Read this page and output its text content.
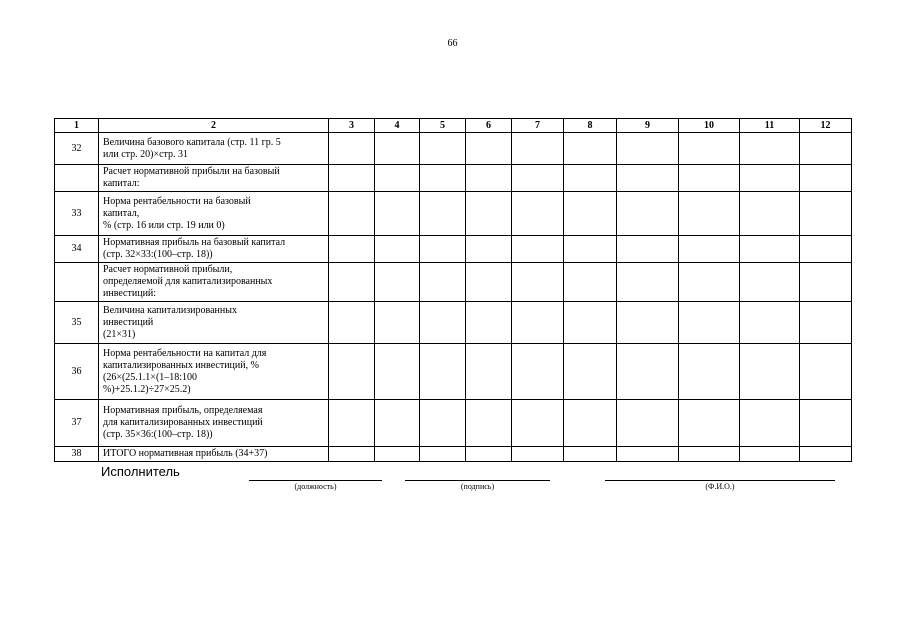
66
1	2	3	4	5	6	7	8	9	10	11	12
32	Величина базового капитала (стр. 11 гр. 5
или стр. 20)×стр. 31										

	Расчет нормативной прибыли на базовый
капитал:										

33	Норма рентабельности на базовый
капитал,
% (стр. 16 или стр. 19 или 0)										

34	Нормативная прибыль на базовый капитал
(стр. 32×33:(100–стр. 18))										

	Расчет нормативной прибыли,
определяемой для капитализированных
инвестиций:										

35	Величина капитализированных
инвестиций
(21×31)										

36	Норма рентабельности на капитал для
капитализированных инвестиций, %
(26×(25.1.1×(1–18:100
%)+25.1.2)÷27×25.2)										

37	Нормативная прибыль, определяемая
для капитализированных инвестиций
(стр. 35×36:(100–стр. 18))										

38	ИТОГО нормативная прибыль (34+37)										

Исполнитель
(должность)	(подпись)	(Ф.И.О.)
